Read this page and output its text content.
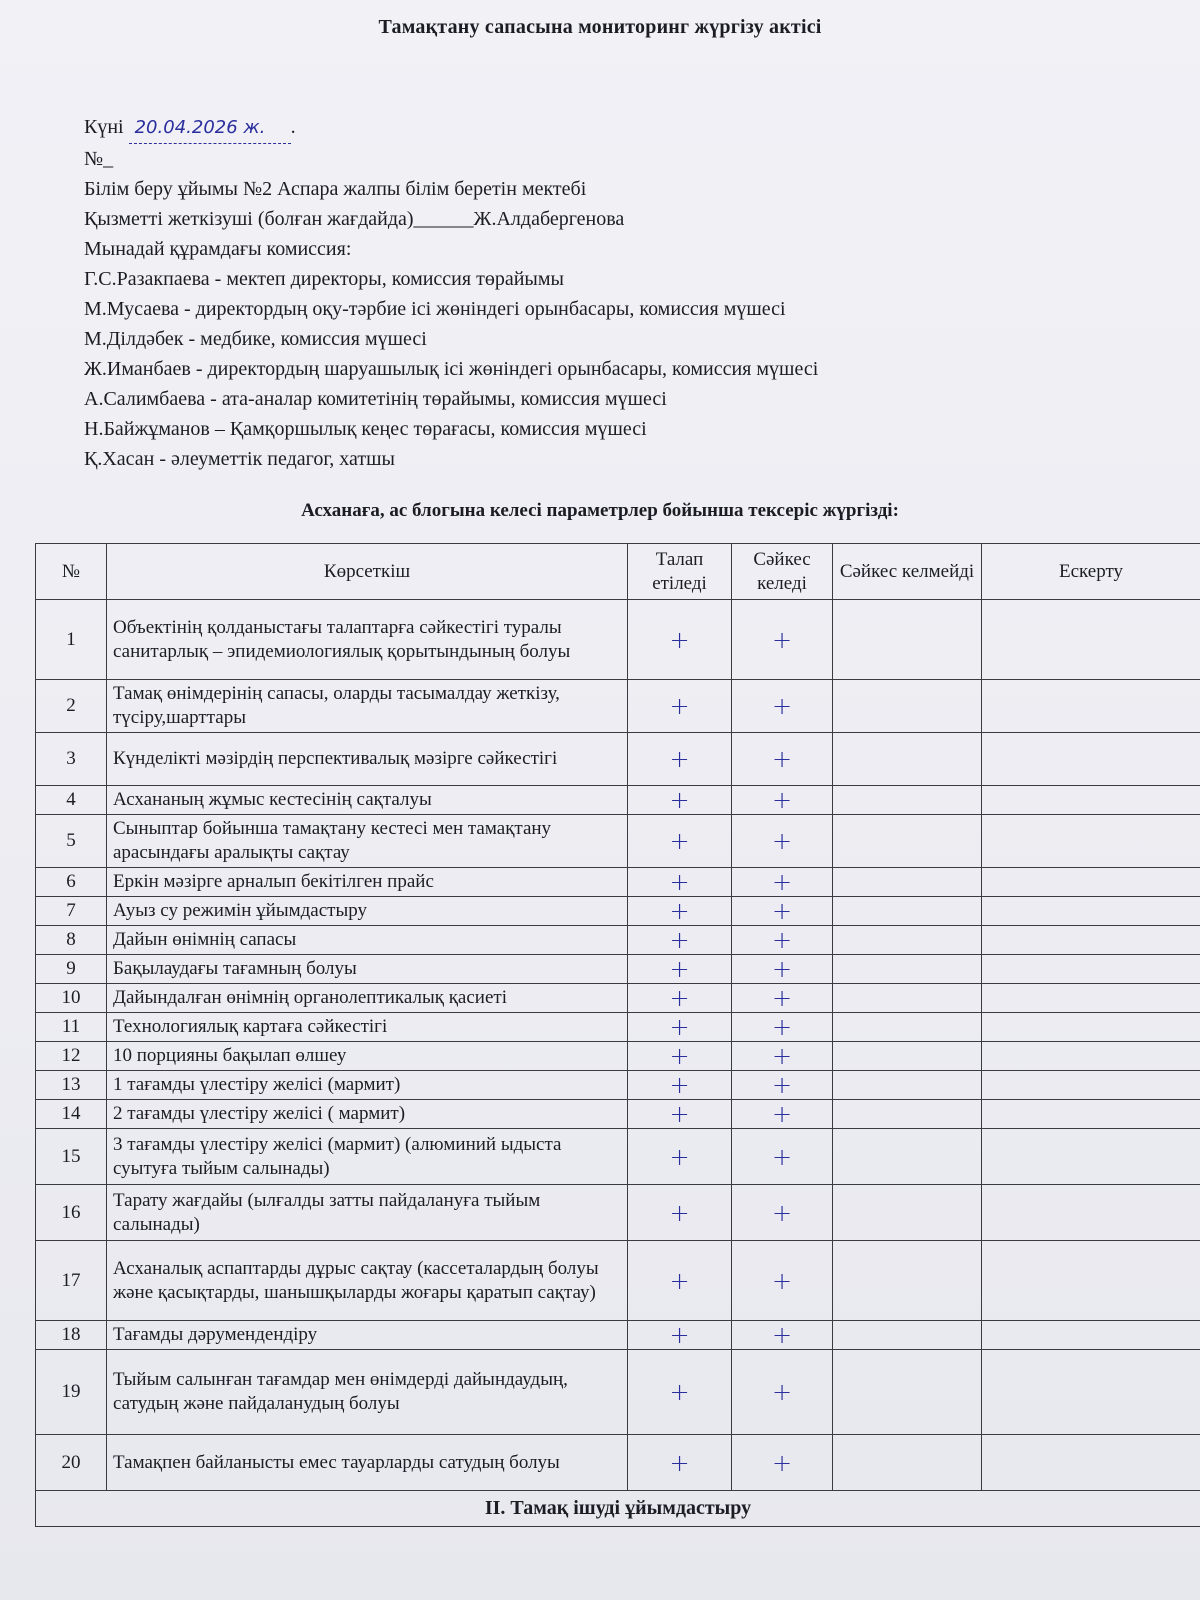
Тамақтану сапасына мониторинг жүргізу актісі
Күні 20.04.2026 ж. .
№_
Білім беру ұйымы №2 Аспара жалпы білім беретін мектебі
Қызметті жеткізуші (болған жағдайда)______Ж.Алдабергенова
Мынадай құрамдағы комиссия:
Г.С.Разакпаева - мектеп директоры, комиссия төрайымы
М.Мусаева - директордың оқу-тәрбие ісі жөніндегі орынбасары, комиссия мүшесі
М.Ділдәбек - медбике, комиссия мүшесі
Ж.Иманбаев - директордың шаруашылық ісі жөніндегі орынбасары, комиссия мүшесі
А.Салимбаева - ата-аналар комитетінің төрайымы, комиссия мүшесі
Н.Байжұманов – Қамқоршылық кеңес төрағасы, комиссия мүшесі
Қ.Хасан - әлеуметтік педагог, хатшы
Асханаға, ас блогына келесі параметрлер бойынша тексеріс жүргізді:
№	Көрсеткіш	Талап етіледі	Сәйкес келеді	Сәйкес келмейді	Ескерту
1	Объектінің қолданыстағы талаптарға сәйкестігі туралы санитарлық – эпидемиологиялық қорытындының болуы	+	+		
2	Тамақ өнімдерінің сапасы, оларды тасымалдау жеткізу, түсіру,шарттары	+	+		
3	Күнделікті мәзірдің перспективалық мәзірге сәйкестігі	+	+		
4	Асхананың жұмыс кестесінің сақталуы	+	+		
5	Сыныптар бойынша тамақтану кестесі мен тамақтану арасындағы аралықты сақтау	+	+		
6	Еркін мәзірге арналып бекітілген прайс	+	+		
7	Ауыз су режимін ұйымдастыру	+	+		
8	Дайын өнімнің сапасы	+	+		
9	Бақылаудағы тағамның болуы	+	+		
10	Дайындалған өнімнің органолептикалық қасиеті	+	+		
11	Технологиялық картаға сәйкестігі	+	+		
12	10 порцияны бақылап өлшеу	+	+		
13	1 тағамды үлестіру желісі (мармит)	+	+		
14	2 тағамды үлестіру желісі ( мармит)	+	+		
15	3 тағамды үлестіру желісі (мармит) (алюминий ыдыста суытуға тыйым салынады)	+	+		
16	Тарату жағдайы (ылғалды затты пайдалануға тыйым салынады)	+	+		
17	Асханалық аспаптарды дұрыс сақтау (кассеталардың болуы және қасықтарды, шанышқыларды жоғары қаратып сақтау)	+	+		
18	Тағамды дәрумендендіру	+	+		
19	Тыйым салынған тағамдар мен өнімдерді дайындаудың, сатудың және пайдаланудың болуы	+	+		
20	Тамақпен байланысты емес тауарларды сатудың болуы	+	+		
II. Тамақ ішуді ұйымдастыру					
